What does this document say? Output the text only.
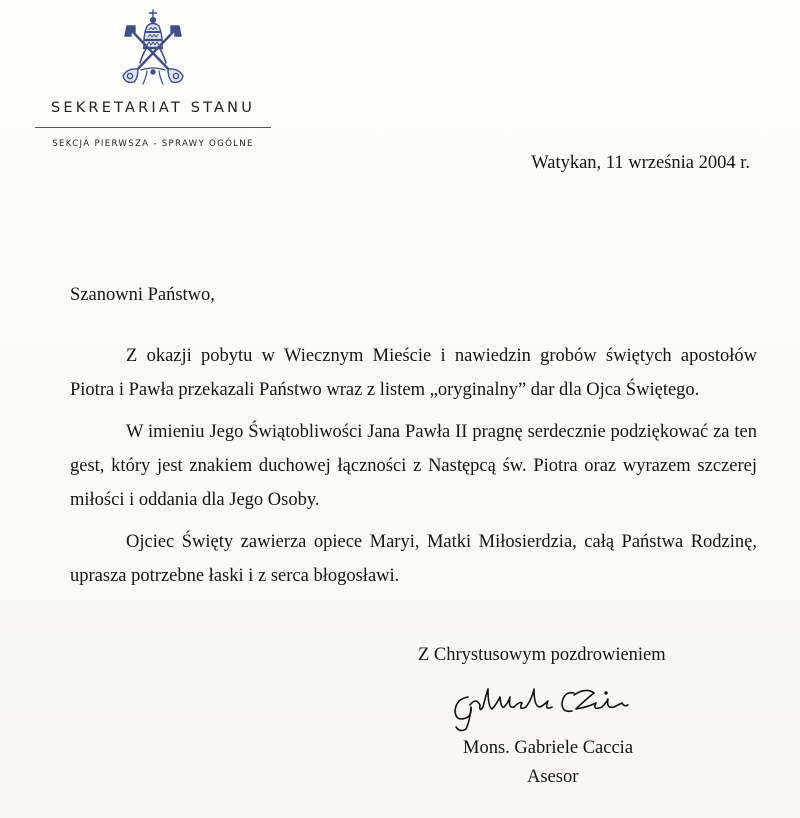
SEKRETARIAT STANU
SEKCJA PIERWSZA - SPRAWY OGÓLNE
Watykan, 11 września 2004 r.
Szanowni Państwo,

Z okazji pobytu w Wiecznym Mieście i nawiedzin grobów świętych apostołów Piotra i Pawła przekazali Państwo wraz z listem „oryginalny” dar dla Ojca Świętego.

W imieniu Jego Świątobliwości Jana Pawła II pragnę serdecznie podziękować za ten gest, który jest znakiem duchowej łączności z Następcą św. Piotra oraz wyrazem szczerej miłości i oddania dla Jego Osoby.

Ojciec Święty zawierza opiece Maryi, Matki Miłosierdzia, całą Państwa Rodzinę, uprasza potrzebne łaski i z serca błogosławi.

Z Chrystusowym pozdrowieniem
Mons. Gabriele Caccia
Asesor
